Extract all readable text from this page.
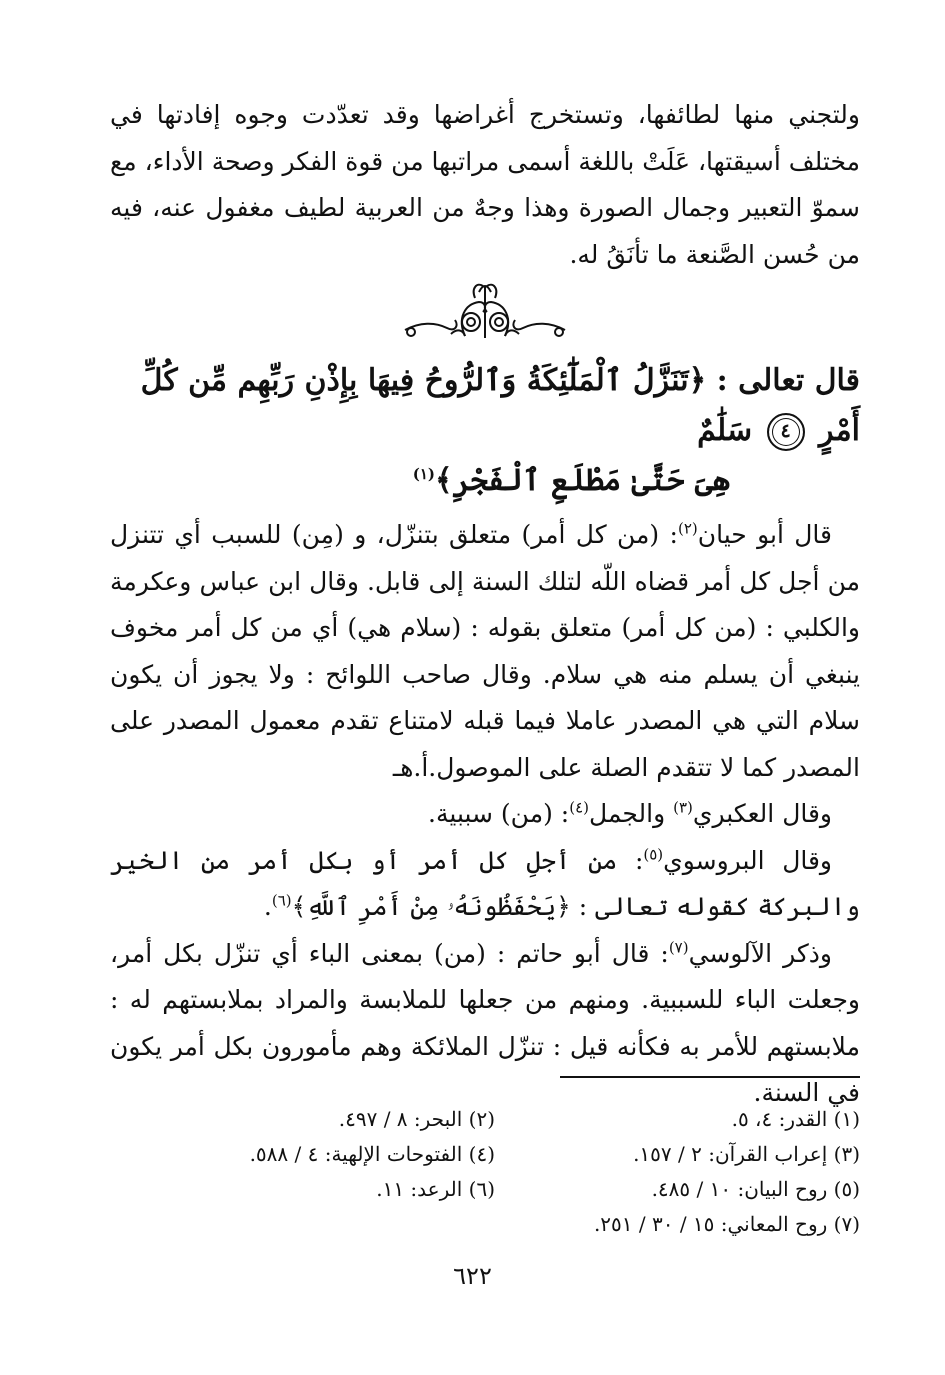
ولتجني منها لطائفها، وتستخرج أغراضها وقد تعدّدت وجوه إفادتها في مختلف أسيقتها، عَلَتْ باللغة أسمى مراتبها من قوة الفكر وصحة الأداء، مع سموّ التعبير وجمال الصورة وهذا وجهٌ من العربية لطيف مغفول عنه، فيه من حُسن الصَّنعة ما تأنَقُ له.

قال تعالى : ﴿تَنَزَّلُ ٱلْمَلَٰٓئِكَةُ وَٱلرُّوحُ فِيهَا بِإِذْنِ رَبِّهِم مِّن كُلِّ أَمْرٍ ٤ سَلَٰمٌ

هِىَ حَتَّىٰ مَطْلَعِ ٱلْفَجْرِ﴾$^{(١)}$

قال أبو حيان$^{(٢)}$: (من كل أمر) متعلق بتنزّل، و (مِن) للسبب أي تتنزل من أجل كل أمر قضاه اللّه لتلك السنة إلى قابل. وقال ابن عباس وعكرمة والكلبي : (من كل أمر) متعلق بقوله : (سلام هي) أي من كل أمر مخوف ينبغي أن يسلم منه هي سلام. وقال صاحب اللوائح : ولا يجوز أن يكون سلام التي هي المصدر عاملا فيما قبله لامتناع تقدم معمول المصدر على المصدر كما لا تتقدم الصلة على الموصول.أ.هـ

وقال العكبري$^{(٣)}$ والجمل$^{(٤)}$: (من) سببية.

وقال البروسوي$^{(٥)}$: من أجلِ كل أمر أو بكل أمر من الخير والبركة كقوله تعالى : ﴿يَحْفَظُونَهُۥ مِنْ أَمْرِ ٱللَّهِ﴾$^{(٦)}$.

وذكر الآلوسي$^{(٧)}$: قال أبو حاتم : (من) بمعنى الباء أي تنزّل بكل أمر، وجعلت الباء للسببية. ومنهم من جعلها للملابسة والمراد بملابستهم له : ملابستهم للأمر به فكأنه قيل : تنزّل الملائكة وهم مأمورون بكل أمر يكون في السنة.

(١) القدر: ٤، ٥.
(٢) البحر: ٨ / ٤٩٧.
(٣) إعراب القرآن: ٢ / ١٥٧.
(٤) الفتوحات الإلهية: ٤ / ٥٨٨.
(٥) روح البيان: ١٠ / ٤٨٥.
(٦) الرعد: ١١.
(٧) روح المعاني: ١٥ / ٣٠ / ٢٥١.
٦٢٢
